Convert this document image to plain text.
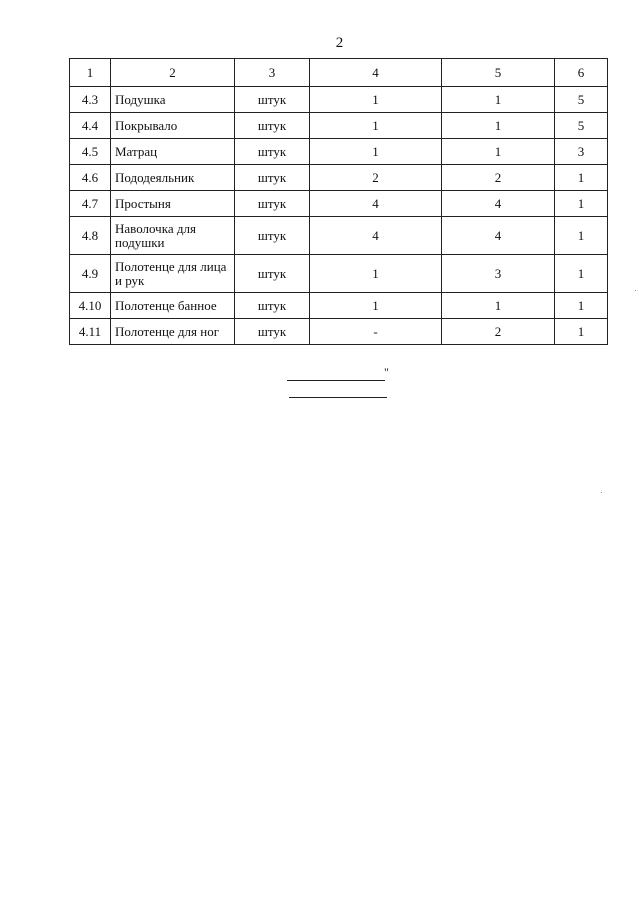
2
1	2	3	4	5	6
4.3	Подушка	штук	1	1	5
4.4	Покрывало	штук	1	1	5
4.5	Матрац	штук	1	1	3
4.6	Пододеяльник	штук	2	2	1
4.7	Простыня	штук	4	4	1
4.8	Наволочка для подушки	штук	4	4	1
4.9	Полотенце для лица и рук	штук	1	3	1
4.10	Полотенце банное	штук	1	1	1
4.11	Полотенце для ног	штук	-	2	1
"
